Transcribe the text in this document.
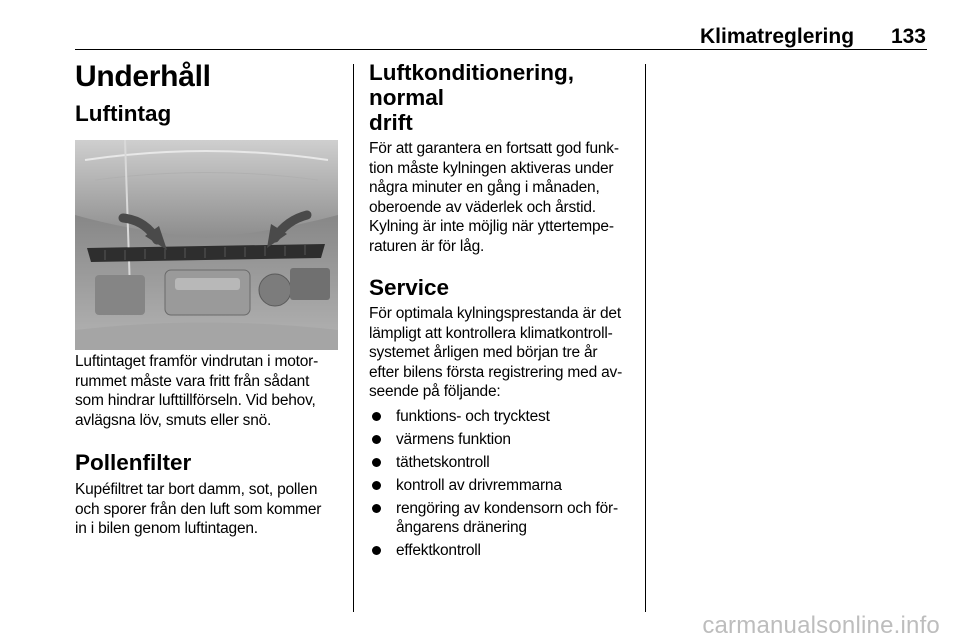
Klimatreglering	133
Underhåll
Luftintag

Luftintaget framför vindrutan i motor-
rummet måste vara fritt från sådant
som hindrar lufttillförseln. Vid behov,
avlägsna löv, smuts eller snö.

Pollenfilter

Kupéfiltret tar bort damm, sot, pollen
och sporer från den luft som kommer
in i bilen genom luftintagen.

Luftkonditionering, normal
drift

För att garantera en fortsatt god funk-
tion måste kylningen aktiveras under
några minuter en gång i månaden,
oberoende av väderlek och årstid.
Kylning är inte möjlig när yttertempe-
raturen är för låg.

Service

För optimala kylningsprestanda är det
lämpligt att kontrollera klimatkontroll-
systemet årligen med början tre år
efter bilens första registrering med av-
seende på följande:

funktions- och trycktest
värmens funktion
täthetskontroll
kontroll av drivremmarna
rengöring av kondensorn och för-
ångarens dränering
effektkontroll
carmanualsonline.info
